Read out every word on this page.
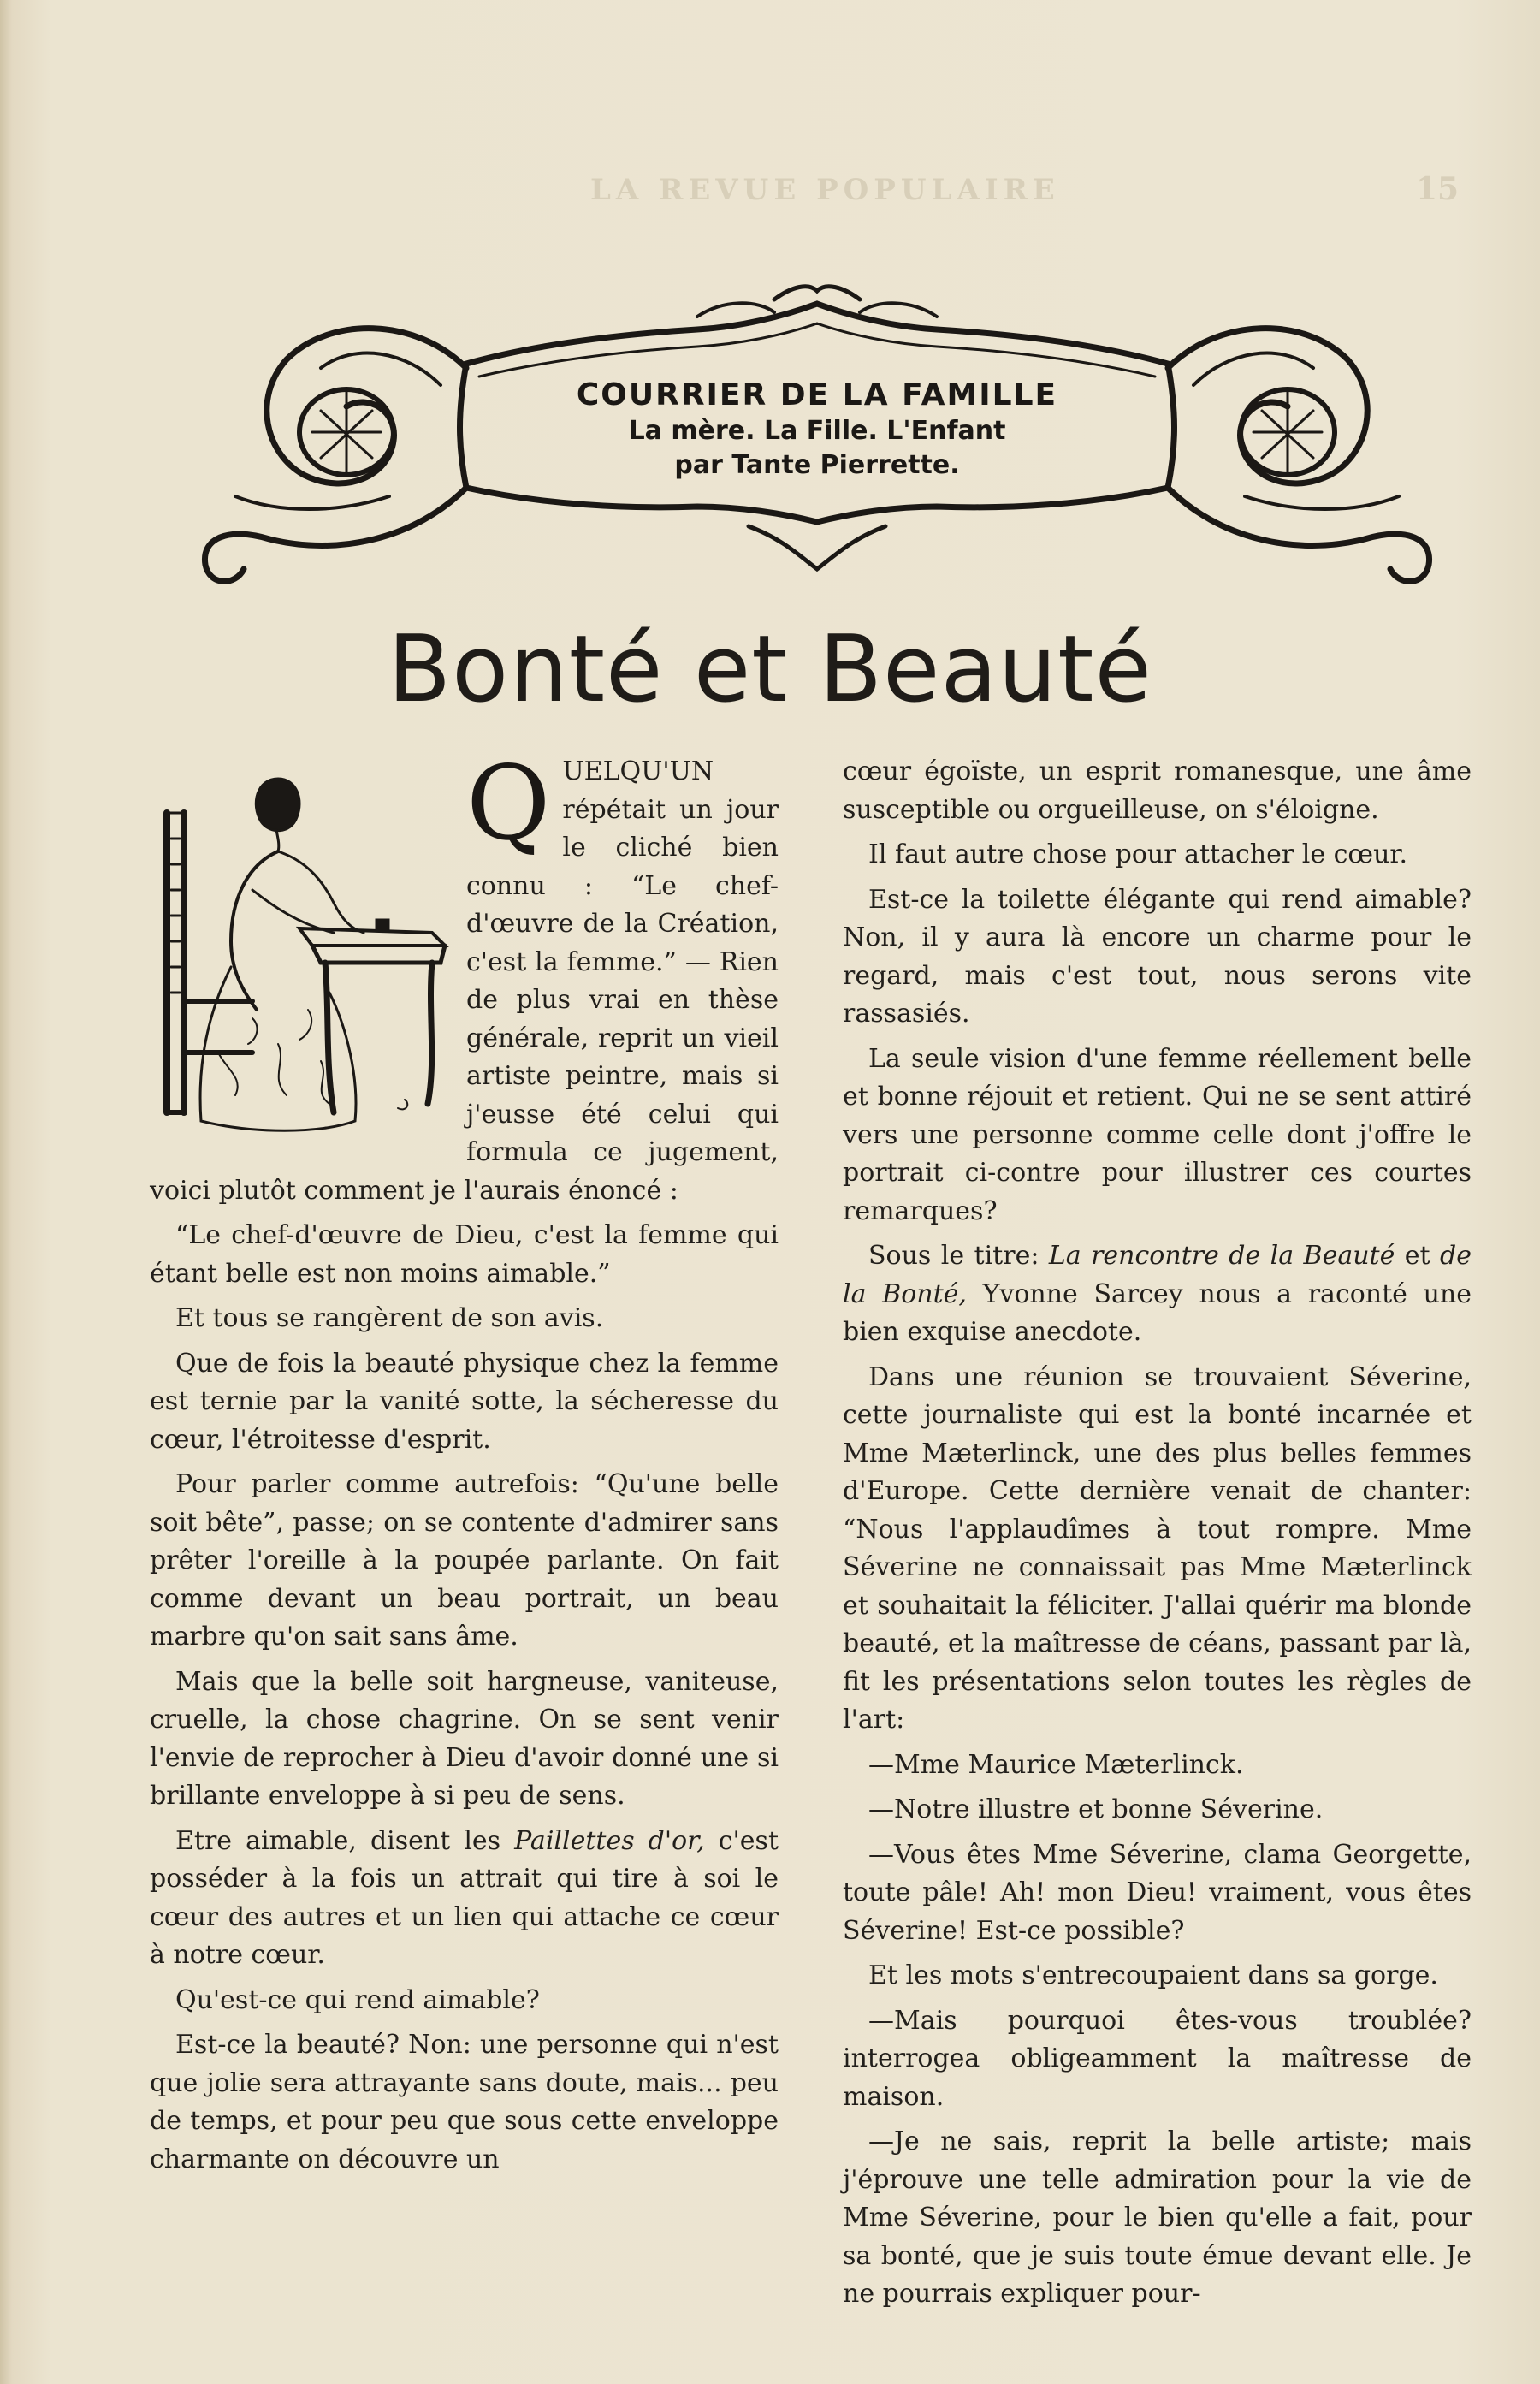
LA REVUE POPULAIRE	15
COURRIER DE LA FAMILLE
La mère. La Fille. L'Enfant
par Tante Pierrette.
Bonté et Beauté
Q UELQU'UN répétait un jour le cliché bien connu : “Le chef-d'œuvre de la Création, c'est la femme.” — Rien de plus vrai en thèse générale, reprit un vieil artiste peintre, mais si j'eusse été celui qui formula ce jugement, voici plutôt comment je l'aurais énoncé :

“Le chef-d'œuvre de Dieu, c'est la femme qui étant belle est non moins aimable.”

Et tous se rangèrent de son avis.

Que de fois la beauté physique chez la femme est ternie par la vanité sotte, la sécheresse du cœur, l'étroitesse d'esprit.

Pour parler comme autrefois: “Qu'une belle soit bête”, passe; on se contente d'admirer sans prêter l'oreille à la poupée parlante. On fait comme devant un beau portrait, un beau marbre qu'on sait sans âme.

Mais que la belle soit hargneuse, vaniteuse, cruelle, la chose chagrine. On se sent venir l'envie de reprocher à Dieu d'avoir donné une si brillante enveloppe à si peu de sens.

Etre aimable, disent les Paillettes d'or, c'est posséder à la fois un attrait qui tire à soi le cœur des autres et un lien qui attache ce cœur à notre cœur.

Qu'est-ce qui rend aimable?

Est-ce la beauté? Non: une personne qui n'est que jolie sera attrayante sans doute, mais... peu de temps, et pour peu que sous cette enveloppe charmante on découvre un

cœur égoïste, un esprit romanesque, une âme susceptible ou orgueilleuse, on s'éloigne.

Il faut autre chose pour attacher le cœur.

Est-ce la toilette élégante qui rend aimable? Non, il y aura là encore un charme pour le regard, mais c'est tout, nous serons vite rassasiés.

La seule vision d'une femme réellement belle et bonne réjouit et retient. Qui ne se sent attiré vers une personne comme celle dont j'offre le portrait ci-contre pour illustrer ces courtes remarques?

Sous le titre: La rencontre de la Beauté et de la Bonté, Yvonne Sarcey nous a raconté une bien exquise anecdote.

Dans une réunion se trouvaient Séverine, cette journaliste qui est la bonté incarnée et Mme Mæterlinck, une des plus belles femmes d'Europe. Cette dernière venait de chanter: “Nous l'applaudîmes à tout rompre. Mme Séverine ne connaissait pas Mme Mæterlinck et souhaitait la féliciter. J'allai quérir ma blonde beauté, et la maîtresse de céans, passant par là, fit les présentations selon toutes les règles de l'art:

—Mme Maurice Mæterlinck.

—Notre illustre et bonne Séverine.

—Vous êtes Mme Séverine, clama Georgette, toute pâle! Ah! mon Dieu! vraiment, vous êtes Séverine! Est-ce possible?

Et les mots s'entrecoupaient dans sa gorge.

—Mais pourquoi êtes-vous troublée? interrogea obligeamment la maîtresse de maison.

—Je ne sais, reprit la belle artiste; mais j'éprouve une telle admiration pour la vie de Mme Séverine, pour le bien qu'elle a fait, pour sa bonté, que je suis toute émue devant elle. Je ne pourrais expliquer pour-
